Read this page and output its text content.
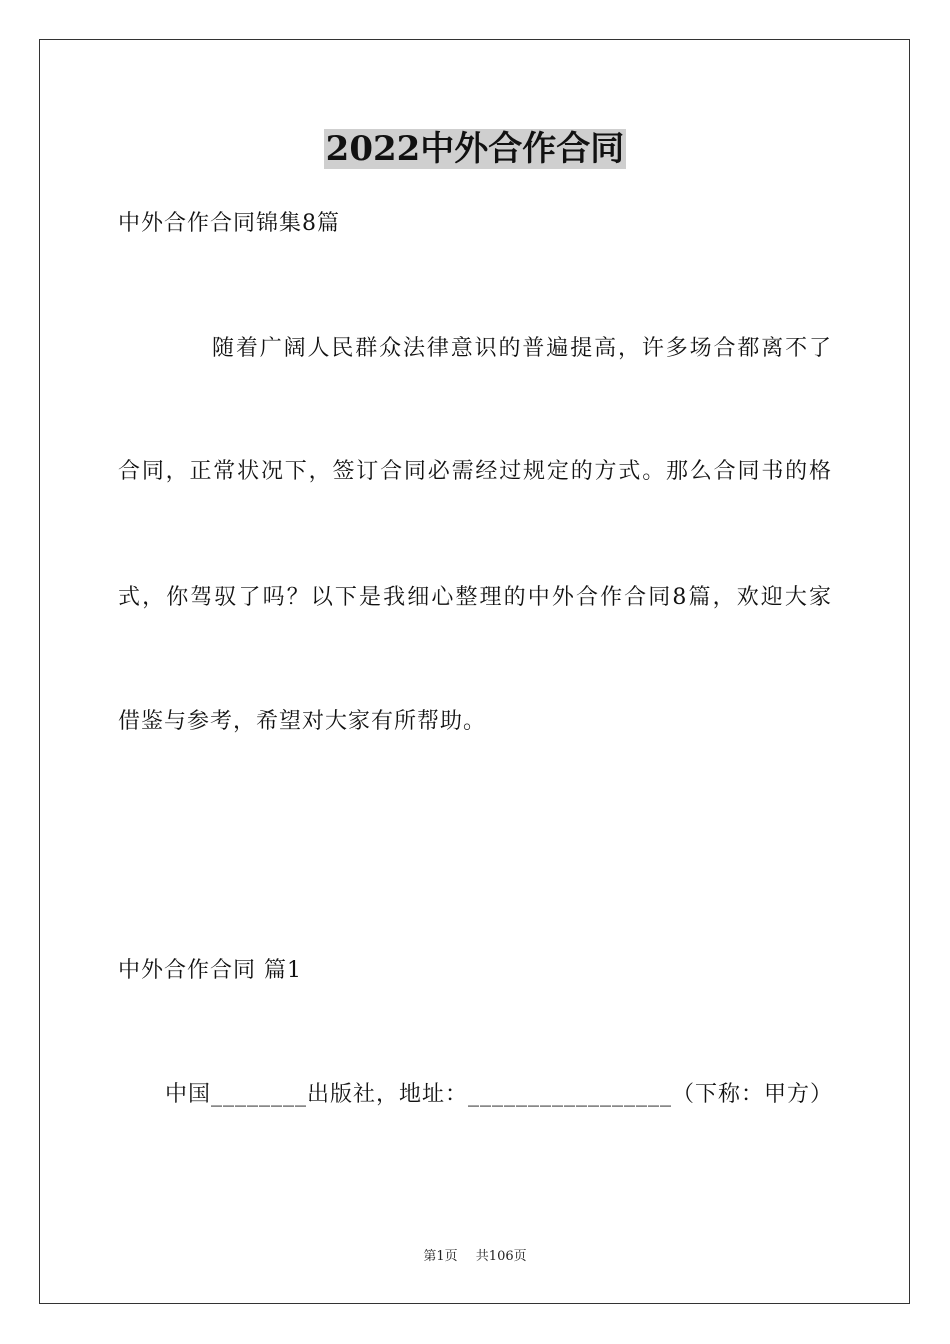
2022中外合作合同
中外合作合同锦集8篇
随着广阔人民群众法律意识的普遍提高，许多场合都离不了
合同，正常状况下，签订合同必需经过规定的方式。那么合同书的格
式，你驾驭了吗？以下是我细心整理的中外合作合同8篇，欢迎大家
借鉴与参考，希望对大家有所帮助。
中外合作合同 篇1
中国________出版社，地址：_________________（下称：甲方）
第1页 共106页
